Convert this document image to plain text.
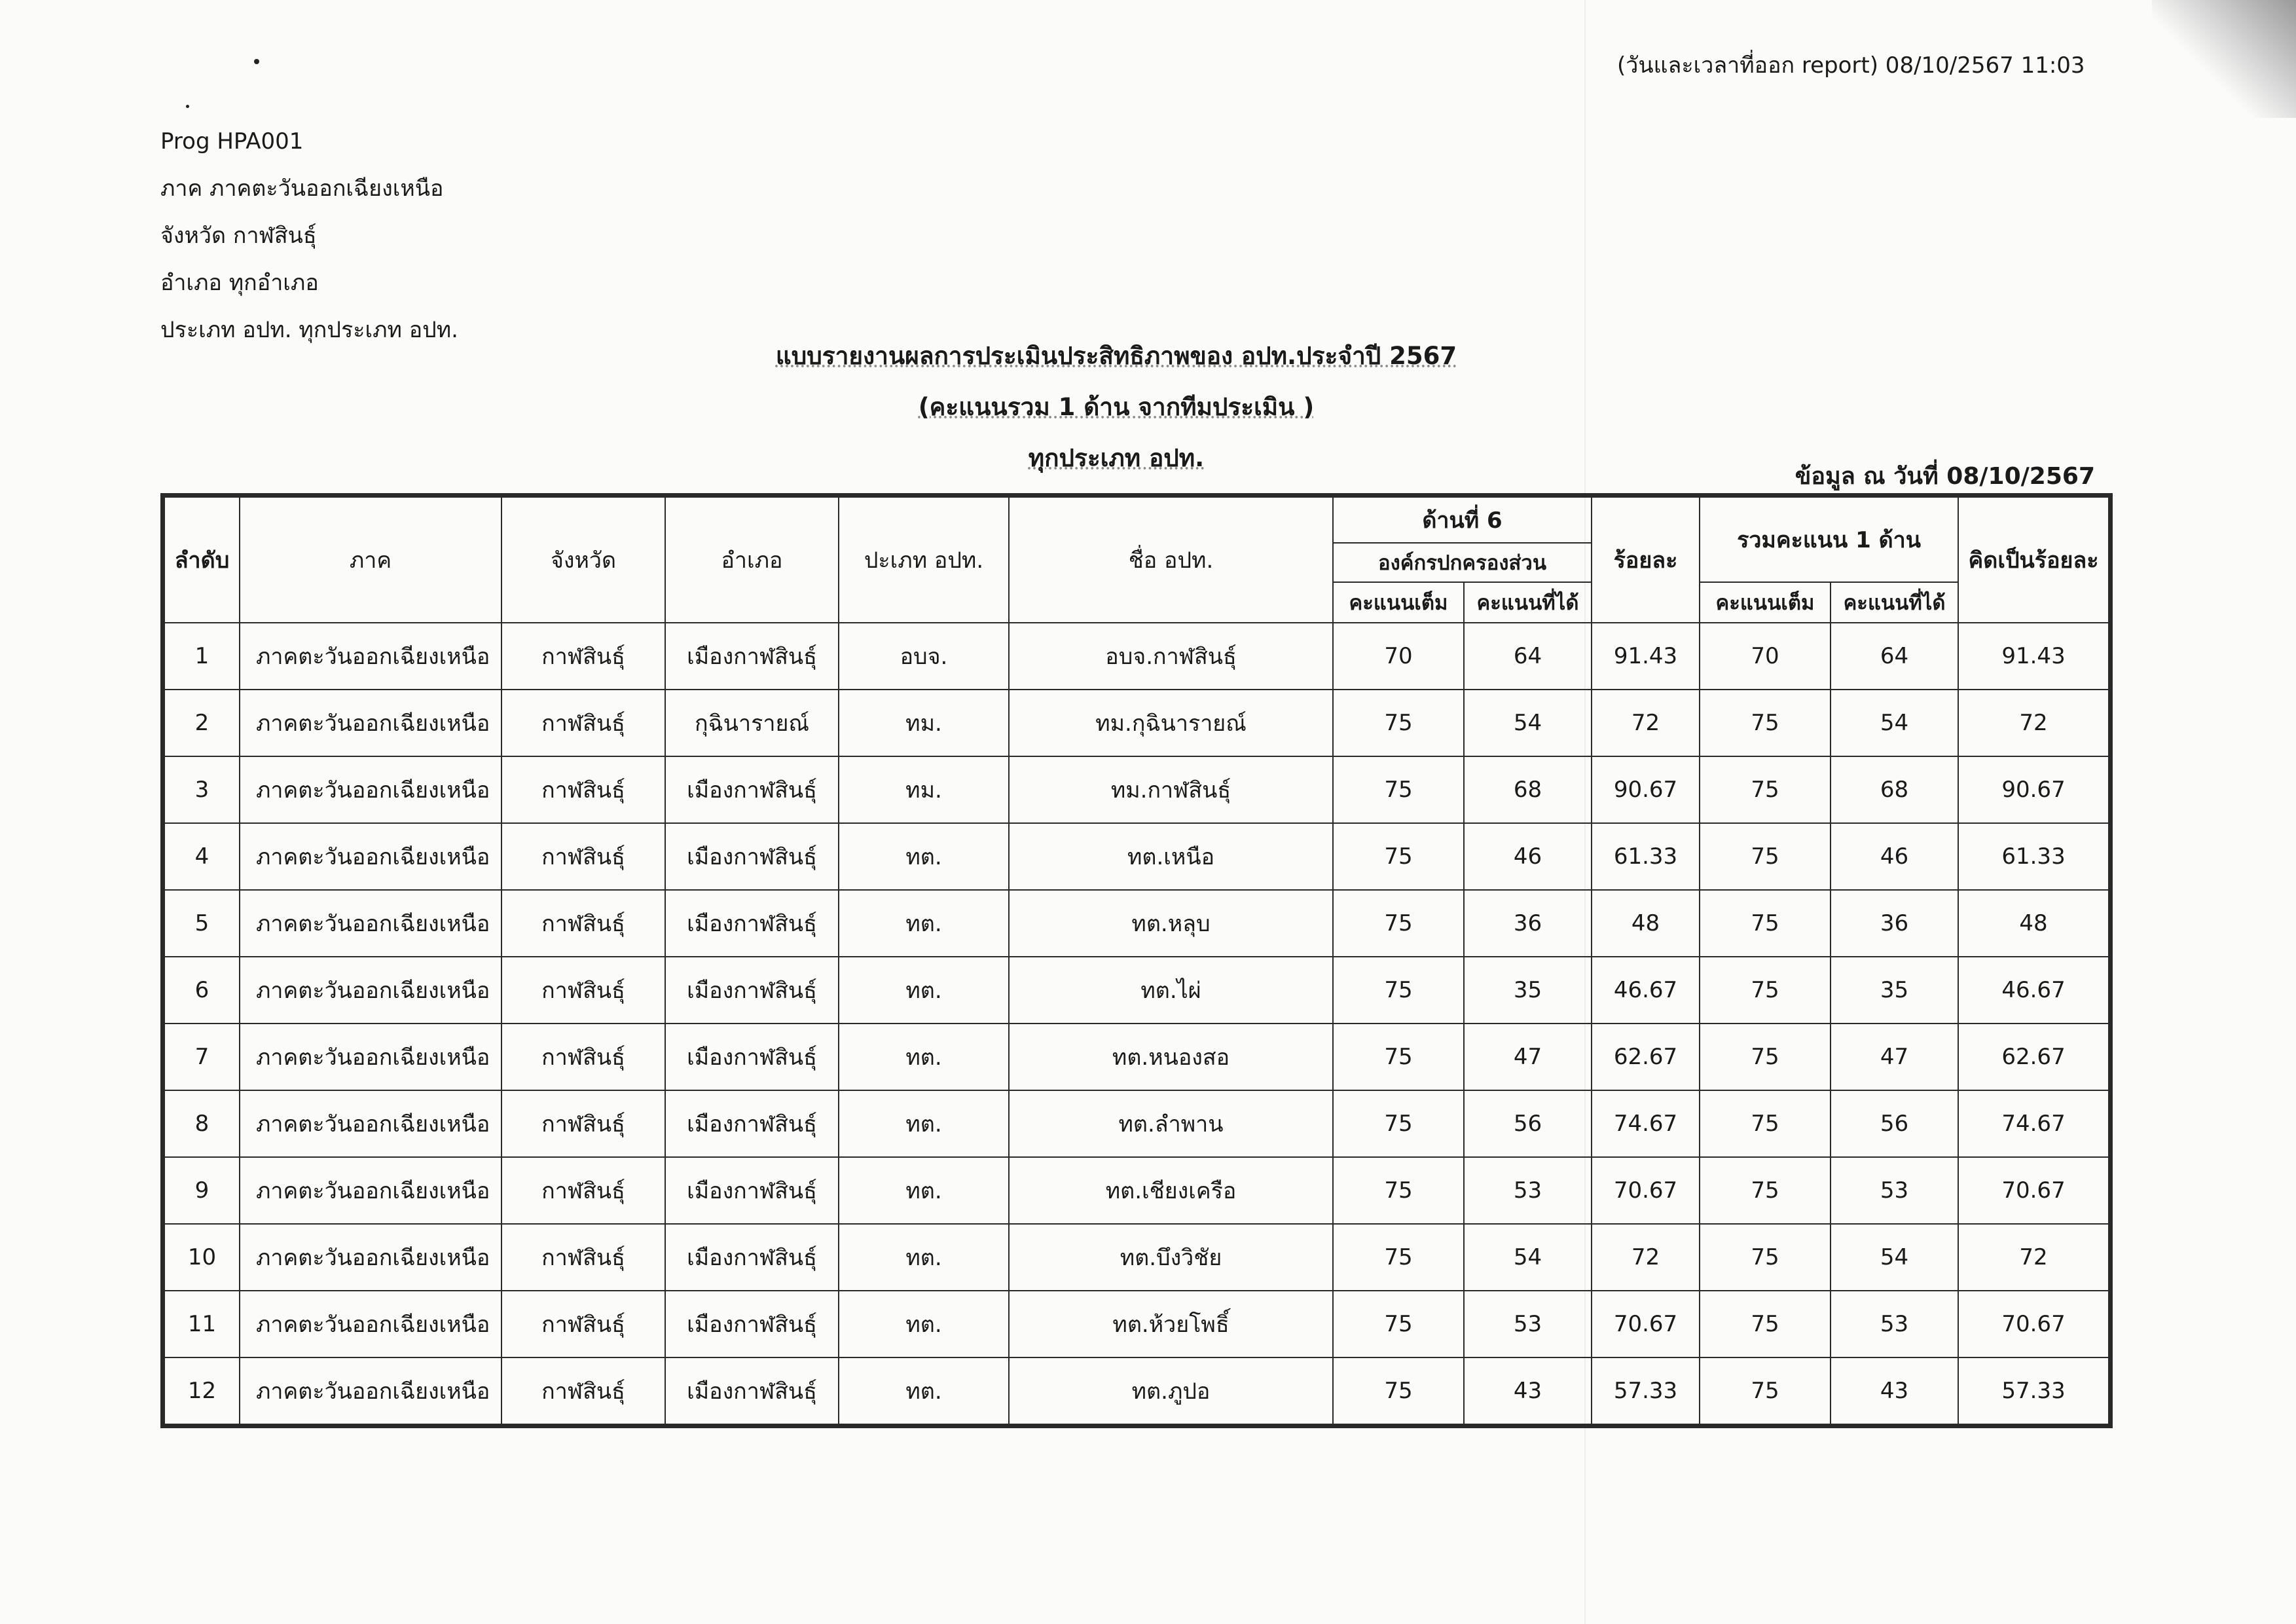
(วันและเวลาที่ออก report) 08/10/2567 11:03
Prog HPA001
ภาค ภาคตะวันออกเฉียงเหนือ
จังหวัด กาฬสินธุ์
อำเภอ ทุกอำเภอ
ประเภท อปท. ทุกประเภท อปท.
แบบรายงานผลการประเมินประสิทธิภาพของ อปท.ประจำปี 2567
(คะแนนรวม 1 ด้าน จากทีมประเมิน )
ทุกประเภท อปท.
ข้อมูล ณ วันที่ 08/10/2567
ลำดับ	ภาค	จังหวัด	อำเภอ	ปะเภท อปท.	ชื่อ อปท.	ด้านที่ 6		ร้อยละ	รวมคะแนน 1 ด้าน		คิดเป็นร้อยละ
						องค์กรปกครองส่วน					
						คะแนนเต็ม	คะแนนที่ได้		คะแนนเต็ม	คะแนนที่ได้	
1	ภาคตะวันออกเฉียงเหนือ	กาฬสินธุ์	เมืองกาฬสินธุ์	อบจ.	อบจ.กาฬสินธุ์	70	64	91.43	70	64	91.43
2	ภาคตะวันออกเฉียงเหนือ	กาฬสินธุ์	กุฉินารายณ์	ทม.	ทม.กุฉินารายณ์	75	54	72	75	54	72
3	ภาคตะวันออกเฉียงเหนือ	กาฬสินธุ์	เมืองกาฬสินธุ์	ทม.	ทม.กาฬสินธุ์	75	68	90.67	75	68	90.67
4	ภาคตะวันออกเฉียงเหนือ	กาฬสินธุ์	เมืองกาฬสินธุ์	ทต.	ทต.เหนือ	75	46	61.33	75	46	61.33
5	ภาคตะวันออกเฉียงเหนือ	กาฬสินธุ์	เมืองกาฬสินธุ์	ทต.	ทต.หลุบ	75	36	48	75	36	48
6	ภาคตะวันออกเฉียงเหนือ	กาฬสินธุ์	เมืองกาฬสินธุ์	ทต.	ทต.ไผ่	75	35	46.67	75	35	46.67
7	ภาคตะวันออกเฉียงเหนือ	กาฬสินธุ์	เมืองกาฬสินธุ์	ทต.	ทต.หนองสอ	75	47	62.67	75	47	62.67
8	ภาคตะวันออกเฉียงเหนือ	กาฬสินธุ์	เมืองกาฬสินธุ์	ทต.	ทต.ลำพาน	75	56	74.67	75	56	74.67
9	ภาคตะวันออกเฉียงเหนือ	กาฬสินธุ์	เมืองกาฬสินธุ์	ทต.	ทต.เชียงเครือ	75	53	70.67	75	53	70.67
10	ภาคตะวันออกเฉียงเหนือ	กาฬสินธุ์	เมืองกาฬสินธุ์	ทต.	ทต.บึงวิชัย	75	54	72	75	54	72
11	ภาคตะวันออกเฉียงเหนือ	กาฬสินธุ์	เมืองกาฬสินธุ์	ทต.	ทต.ห้วยโพธิ์	75	53	70.67	75	53	70.67
12	ภาคตะวันออกเฉียงเหนือ	กาฬสินธุ์	เมืองกาฬสินธุ์	ทต.	ทต.ภูปอ	75	43	57.33	75	43	57.33
